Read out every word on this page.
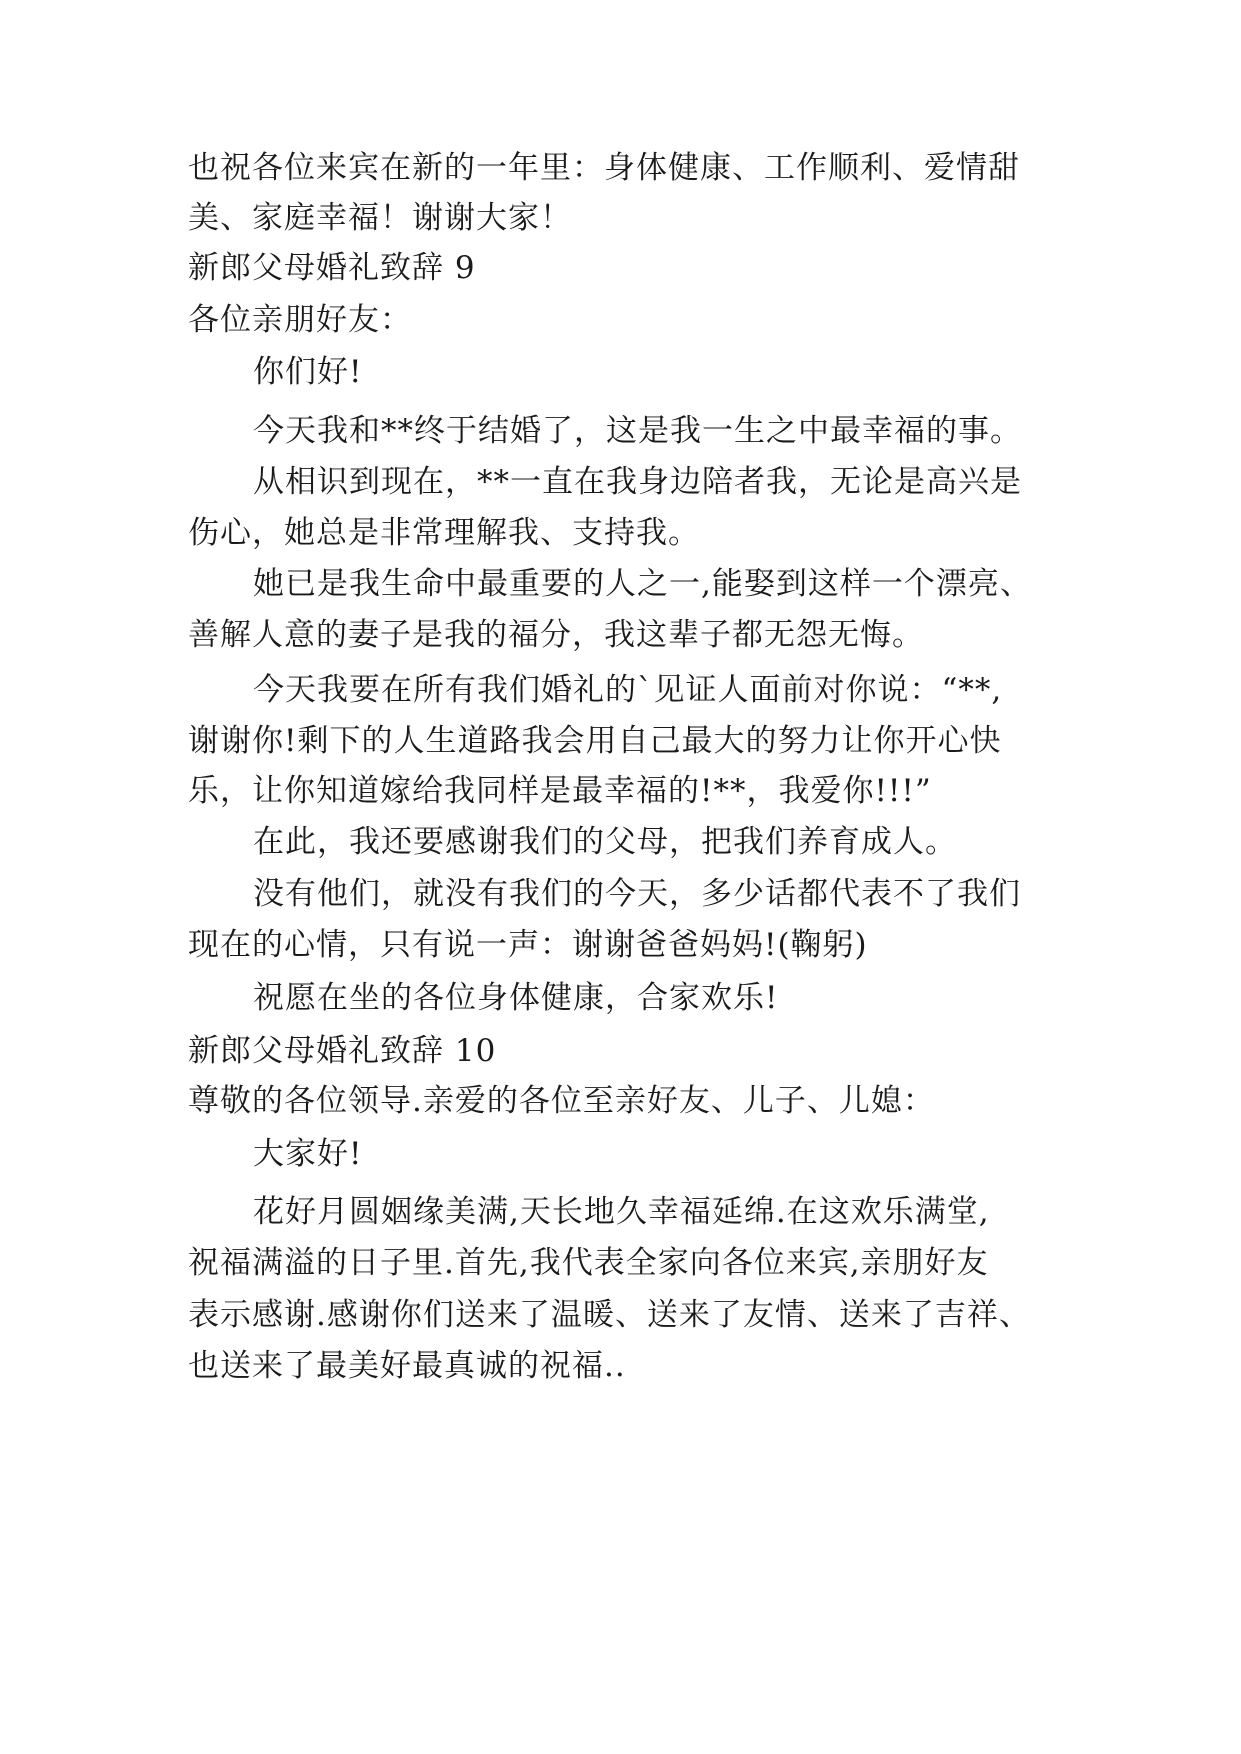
也祝各位来宾在新的一年里：身体健康、工作顺利、爱情甜
美、家庭幸福！谢谢大家！
新郎父母婚礼致辞 9
各位亲朋好友：
你们好!
今天我和**终于结婚了，这是我一生之中最幸福的事。
从相识到现在，**一直在我身边陪者我，无论是高兴是
伤心，她总是非常理解我、支持我。
她已是我生命中最重要的人之一,能娶到这样一个漂亮、
善解人意的妻子是我的福分，我这辈子都无怨无悔。
今天我要在所有我们婚礼的`见证人面前对你说：“**,
谢谢你!剩下的人生道路我会用自己最大的努力让你开心快
乐，让你知道嫁给我同样是最幸福的!**，我爱你!!!”
在此，我还要感谢我们的父母，把我们养育成人。
没有他们，就没有我们的今天，多少话都代表不了我们
现在的心情，只有说一声：谢谢爸爸妈妈!(鞠躬)
祝愿在坐的各位身体健康，合家欢乐!
新郎父母婚礼致辞 10
尊敬的各位领导.亲爱的各位至亲好友、儿子、儿媳：
大家好!
花好月圆姻缘美满,天长地久幸福延绵.在这欢乐满堂,
祝福满溢的日子里.首先,我代表全家向各位来宾,亲朋好友
表示感谢.感谢你们送来了温暖、送来了友情、送来了吉祥、
也送来了最美好最真诚的祝福..
